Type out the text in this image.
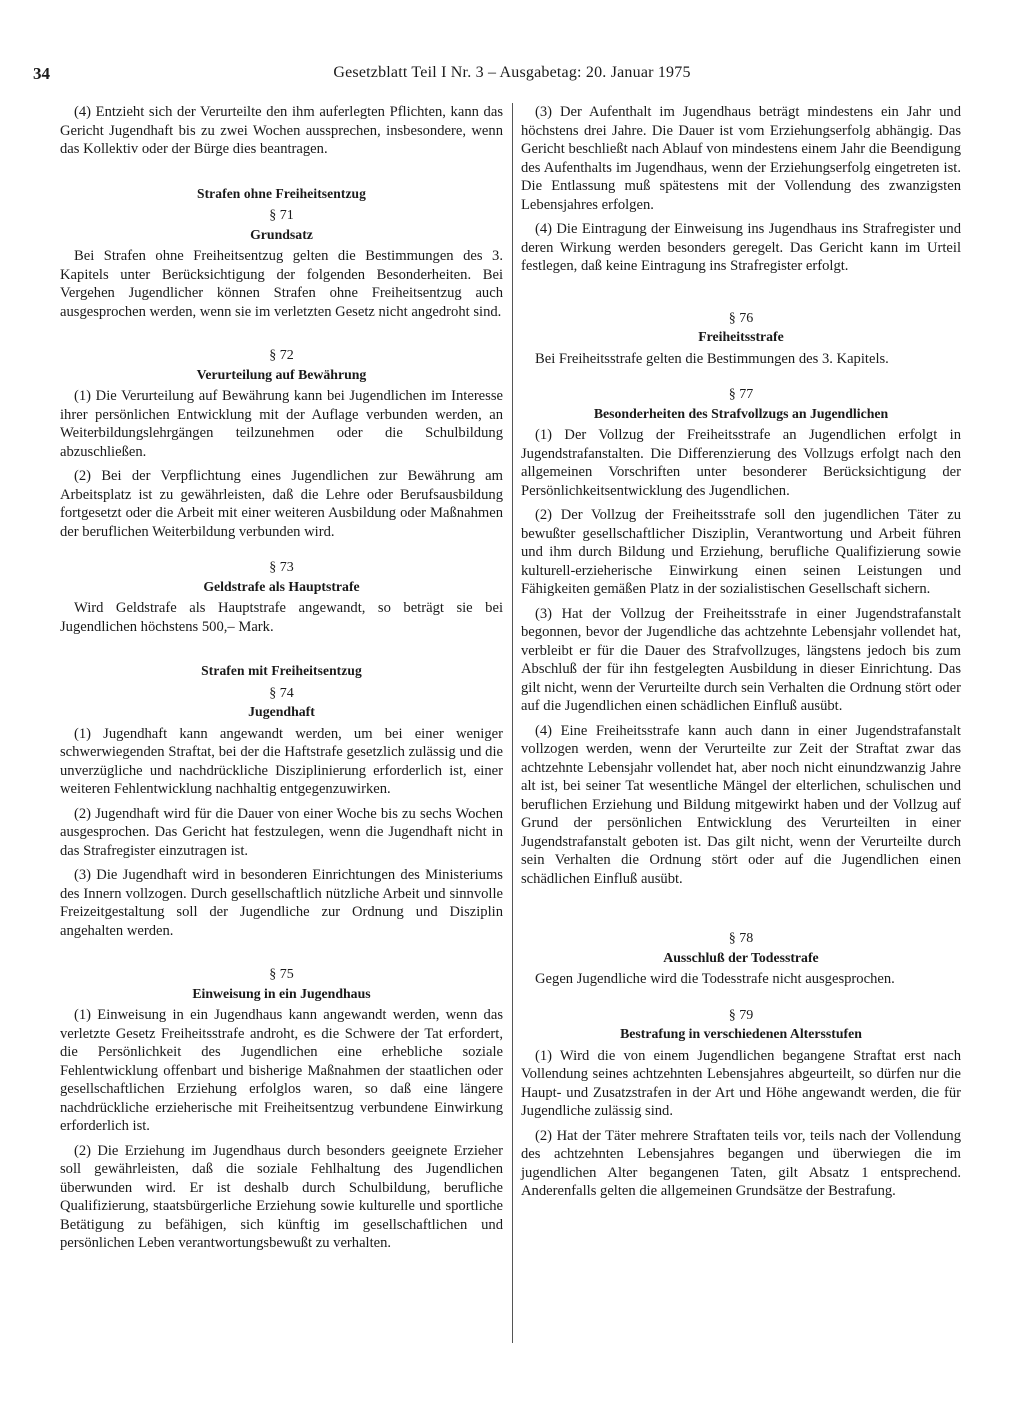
34	Gesetzblatt Teil I Nr. 3 – Ausgabetag: 20. Januar 1975

(4) Entzieht sich der Verurteilte den ihm auferlegten Pflichten, kann das Gericht Jugendhaft bis zu zwei Wochen aussprechen, insbesondere, wenn das Kollektiv oder der Bürge dies beantragen.

Strafen ohne Freiheitsentzug
§ 71
Grundsatz

Bei Strafen ohne Freiheitsentzug gelten die Bestimmungen des 3. Kapitels unter Berücksichtigung der folgenden Besonderheiten. Bei Vergehen Jugendlicher können Strafen ohne Freiheitsentzug auch ausgesprochen werden, wenn sie im verletzten Gesetz nicht angedroht sind.

§ 72
Verurteilung auf Bewährung

(1) Die Verurteilung auf Bewährung kann bei Jugendlichen im Interesse ihrer persönlichen Entwicklung mit der Auflage verbunden werden, an Weiterbildungslehrgängen teilzunehmen oder die Schulbildung abzuschließen.

(2) Bei der Verpflichtung eines Jugendlichen zur Bewährung am Arbeitsplatz ist zu gewährleisten, daß die Lehre oder Berufsausbildung fortgesetzt oder die Arbeit mit einer weiteren Ausbildung oder Maßnahmen der beruflichen Weiterbildung verbunden wird.

§ 73
Geldstrafe als Hauptstrafe

Wird Geldstrafe als Hauptstrafe angewandt, so beträgt sie bei Jugendlichen höchstens 500,– Mark.

Strafen mit Freiheitsentzug
§ 74
Jugendhaft

(1) Jugendhaft kann angewandt werden, um bei einer weniger schwerwiegenden Straftat, bei der die Haftstrafe gesetzlich zulässig und die unverzügliche und nachdrückliche Disziplinierung erforderlich ist, einer weiteren Fehlentwicklung nachhaltig entgegenzuwirken.

(2) Jugendhaft wird für die Dauer von einer Woche bis zu sechs Wochen ausgesprochen. Das Gericht hat festzulegen, wenn die Jugendhaft nicht in das Strafregister einzutragen ist.

(3) Die Jugendhaft wird in besonderen Einrichtungen des Ministeriums des Innern vollzogen. Durch gesellschaftlich nützliche Arbeit und sinnvolle Freizeitgestaltung soll der Jugendliche zur Ordnung und Disziplin angehalten werden.

§ 75
Einweisung in ein Jugendhaus

(1) Einweisung in ein Jugendhaus kann angewandt werden, wenn das verletzte Gesetz Freiheitsstrafe androht, es die Schwere der Tat erfordert, die Persönlichkeit des Jugendlichen eine erhebliche soziale Fehlentwicklung offenbart und bisherige Maßnahmen der staatlichen oder gesellschaftlichen Erziehung erfolglos waren, so daß eine längere nachdrückliche erzieherische mit Freiheitsentzug verbundene Einwirkung erforderlich ist.

(2) Die Erziehung im Jugendhaus durch besonders geeignete Erzieher soll gewährleisten, daß die soziale Fehlhaltung des Jugendlichen überwunden wird. Er ist deshalb durch Schulbildung, berufliche Qualifizierung, staatsbürgerliche Erziehung sowie kulturelle und sportliche Betätigung zu befähigen, sich künftig im gesellschaftlichen und persönlichen Leben verantwortungsbewußt zu verhalten.

(3) Der Aufenthalt im Jugendhaus beträgt mindestens ein Jahr und höchstens drei Jahre. Die Dauer ist vom Erziehungserfolg abhängig. Das Gericht beschließt nach Ablauf von mindestens einem Jahr die Beendigung des Aufenthalts im Jugendhaus, wenn der Erziehungserfolg eingetreten ist. Die Entlassung muß spätestens mit der Vollendung des zwanzigsten Lebensjahres erfolgen.

(4) Die Eintragung der Einweisung ins Jugendhaus ins Strafregister und deren Wirkung werden besonders geregelt. Das Gericht kann im Urteil festlegen, daß keine Eintragung ins Strafregister erfolgt.

§ 76
Freiheitsstrafe

Bei Freiheitsstrafe gelten die Bestimmungen des 3. Kapitels.

§ 77
Besonderheiten des Strafvollzugs an Jugendlichen

(1) Der Vollzug der Freiheitsstrafe an Jugendlichen erfolgt in Jugendstrafanstalten. Die Differenzierung des Vollzugs erfolgt nach den allgemeinen Vorschriften unter besonderer Berücksichtigung der Persönlichkeitsentwicklung des Jugendlichen.

(2) Der Vollzug der Freiheitsstrafe soll den jugendlichen Täter zu bewußter gesellschaftlicher Disziplin, Verantwortung und Arbeit führen und ihm durch Bildung und Erziehung, berufliche Qualifizierung sowie kulturell-erzieherische Einwirkung einen seinen Leistungen und Fähigkeiten gemäßen Platz in der sozialistischen Gesellschaft sichern.

(3) Hat der Vollzug der Freiheitsstrafe in einer Jugendstrafanstalt begonnen, bevor der Jugendliche das achtzehnte Lebensjahr vollendet hat, verbleibt er für die Dauer des Strafvollzuges, längstens jedoch bis zum Abschluß der für ihn festgelegten Ausbildung in dieser Einrichtung. Das gilt nicht, wenn der Verurteilte durch sein Verhalten die Ordnung stört oder auf die Jugendlichen einen schädlichen Einfluß ausübt.

(4) Eine Freiheitsstrafe kann auch dann in einer Jugendstrafanstalt vollzogen werden, wenn der Verurteilte zur Zeit der Straftat zwar das achtzehnte Lebensjahr vollendet hat, aber noch nicht einundzwanzig Jahre alt ist, bei seiner Tat wesentliche Mängel der elterlichen, schulischen und beruflichen Erziehung und Bildung mitgewirkt haben und der Vollzug auf Grund der persönlichen Entwicklung des Verurteilten in einer Jugendstrafanstalt geboten ist. Das gilt nicht, wenn der Verurteilte durch sein Verhalten die Ordnung stört oder auf die Jugendlichen einen schädlichen Einfluß ausübt.

§ 78
Ausschluß der Todesstrafe

Gegen Jugendliche wird die Todesstrafe nicht ausgesprochen.

§ 79
Bestrafung in verschiedenen Altersstufen

(1) Wird die von einem Jugendlichen begangene Straftat erst nach Vollendung seines achtzehnten Lebensjahres abgeurteilt, so dürfen nur die Haupt- und Zusatzstrafen in der Art und Höhe angewandt werden, die für Jugendliche zulässig sind.

(2) Hat der Täter mehrere Straftaten teils vor, teils nach der Vollendung des achtzehnten Lebensjahres begangen und überwiegen die im jugendlichen Alter begangenen Taten, gilt Absatz 1 entsprechend. Anderenfalls gelten die allgemeinen Grundsätze der Bestrafung.
